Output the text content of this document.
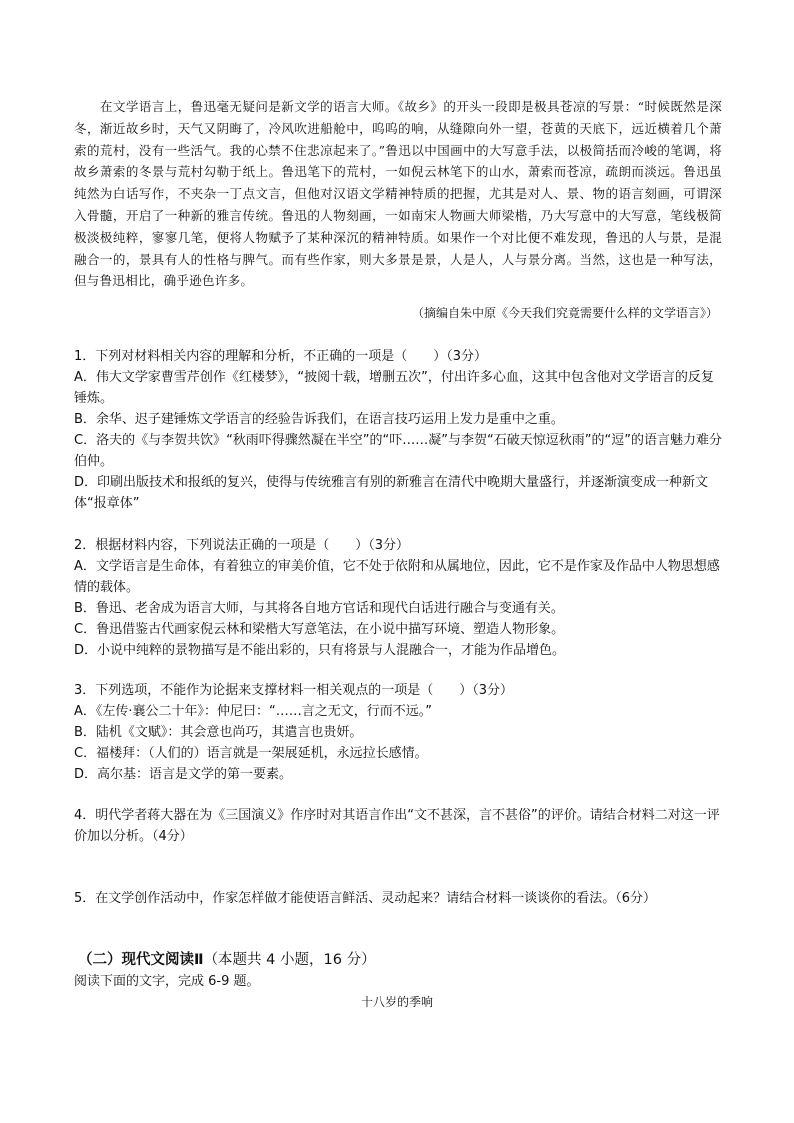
在文学语言上，鲁迅毫无疑问是新文学的语言大师。《故乡》的开头一段即是极具苍凉的写景：“时候既然是深冬，渐近故乡时，天气又阴晦了，冷风吹进船舱中，呜呜的响，从缝隙向外一望，苍黄的天底下，远近横着几个萧索的荒村，没有一些活气。我的心禁不住悲凉起来了。”鲁迅以中国画中的大写意手法，以极简括而冷峻的笔调，将故乡萧索的冬景与荒村勾勒于纸上。鲁迅笔下的荒村，一如倪云林笔下的山水，萧索而苍凉，疏朗而淡远。鲁迅虽纯然为白话写作，不夹杂一丁点文言，但他对汉语文学精神特质的把握，尤其是对人、景、物的语言刻画，可谓深入骨髓，开启了一种新的雅言传统。鲁迅的人物刻画，一如南宋人物画大师梁楷，乃大写意中的大写意，笔线极简极淡极纯粹，寥寥几笔，便将人物赋予了某种深沉的精神特质。如果作一个对比便不难发现，鲁迅的人与景，是混融合一的，景具有人的性格与脾气。而有些作家，则大多景是景，人是人，人与景分离。当然，这也是一种写法，但与鲁迅相比，确乎逊色许多。
（摘编自朱中原《今天我们究竟需要什么样的文学语言》）
1．下列对材料相关内容的理解和分析，不正确的一项是（　　）（3分）
A．伟大文学家曹雪芹创作《红楼梦》，“披阅十载，增删五次”，付出许多心血，这其中包含他对文学语言的反复锤炼。
B．余华、迟子建锤炼文学语言的经验告诉我们，在语言技巧运用上发力是重中之重。
C．洛夫的《与李贺共饮》“秋雨吓得骤然凝在半空”的“吓……凝”与李贺“石破天惊逗秋雨”的“逗”的语言魅力难分伯仲。
D．印刷出版技术和报纸的复兴，使得与传统雅言有别的新雅言在清代中晚期大量盛行，并逐渐演变成一种新文体“报章体”
2．根据材料内容，下列说法正确的一项是（　　）（3分）
A．文学语言是生命体，有着独立的审美价值，它不处于依附和从属地位，因此，它不是作家及作品中人物思想感情的载体。
B．鲁迅、老舍成为语言大师，与其将各自地方官话和现代白话进行融合与变通有关。
C．鲁迅借鉴古代画家倪云林和梁楷大写意笔法，在小说中描写环境、塑造人物形象。
D．小说中纯粹的景物描写是不能出彩的，只有将景与人混融合一，才能为作品增色。
3．下列选项，不能作为论据来支撑材料一相关观点的一项是（　　）（3分）
A．《左传·襄公二十年》：仲尼曰：“……言之无文，行而不远。”
B．陆机《文赋》：其会意也尚巧，其遣言也贵妍。
C．福楼拜：（人们的）语言就是一架展延机，永远拉长感情。
D．高尔基：语言是文学的第一要素。
4．明代学者蒋大器在为《三国演义》作序时对其语言作出“文不甚深，言不甚俗”的评价。请结合材料二对这一评价加以分析。（4分）
5．在文学创作活动中，作家怎样做才能使语言鲜活、灵动起来？请结合材料一谈谈你的看法。（6分）
（二）现代文阅读Ⅱ（本题共 4 小题，16 分）
阅读下面的文字，完成 6-9 题。
十八岁的季响
